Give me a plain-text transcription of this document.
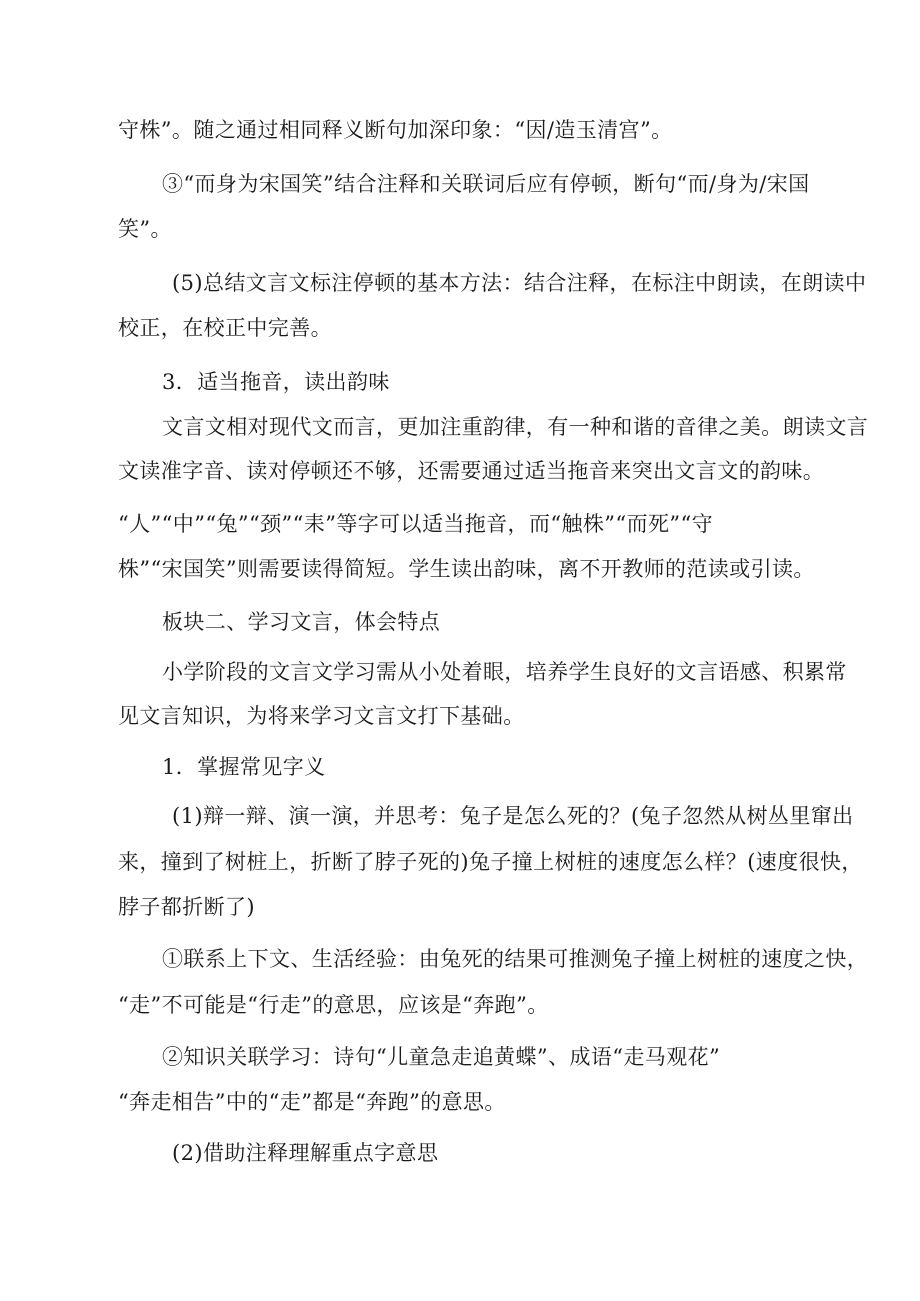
守株”。随之通过相同释义断句加深印象：“因/造玉清宫”。
③“而身为宋国笑”结合注释和关联词后应有停顿，断句“而/身为/宋国
笑”。
(5)总结文言文标注停顿的基本方法：结合注释，在标注中朗读，在朗读中
校正，在校正中完善。
3．适当拖音，读出韵味
文言文相对现代文而言，更加注重韵律，有一种和谐的音律之美。朗读文言
文读准字音、读对停顿还不够，还需要通过适当拖音来突出文言文的韵味。
“人”“中”“兔”“颈”“耒”等字可以适当拖音，而“触株”“而死”“守
株”“宋国笑”则需要读得简短。学生读出韵味，离不开教师的范读或引读。
板块二、学习文言，体会特点
小学阶段的文言文学习需从小处着眼，培养学生良好的文言语感、积累常
见文言知识，为将来学习文言文打下基础。
1．掌握常见字义
(1)辩一辩、演一演，并思考：兔子是怎么死的？(兔子忽然从树丛里窜出
来，撞到了树桩上，折断了脖子死的)兔子撞上树桩的速度怎么样？(速度很快，
脖子都折断了)
①联系上下文、生活经验：由兔死的结果可推测兔子撞上树桩的速度之快，
“走”不可能是“行走”的意思，应该是“奔跑”。
②知识关联学习：诗句“儿童急走追黄蝶”、成语“走马观花”
“奔走相告”中的“走”都是“奔跑”的意思。
(2)借助注释理解重点字意思
